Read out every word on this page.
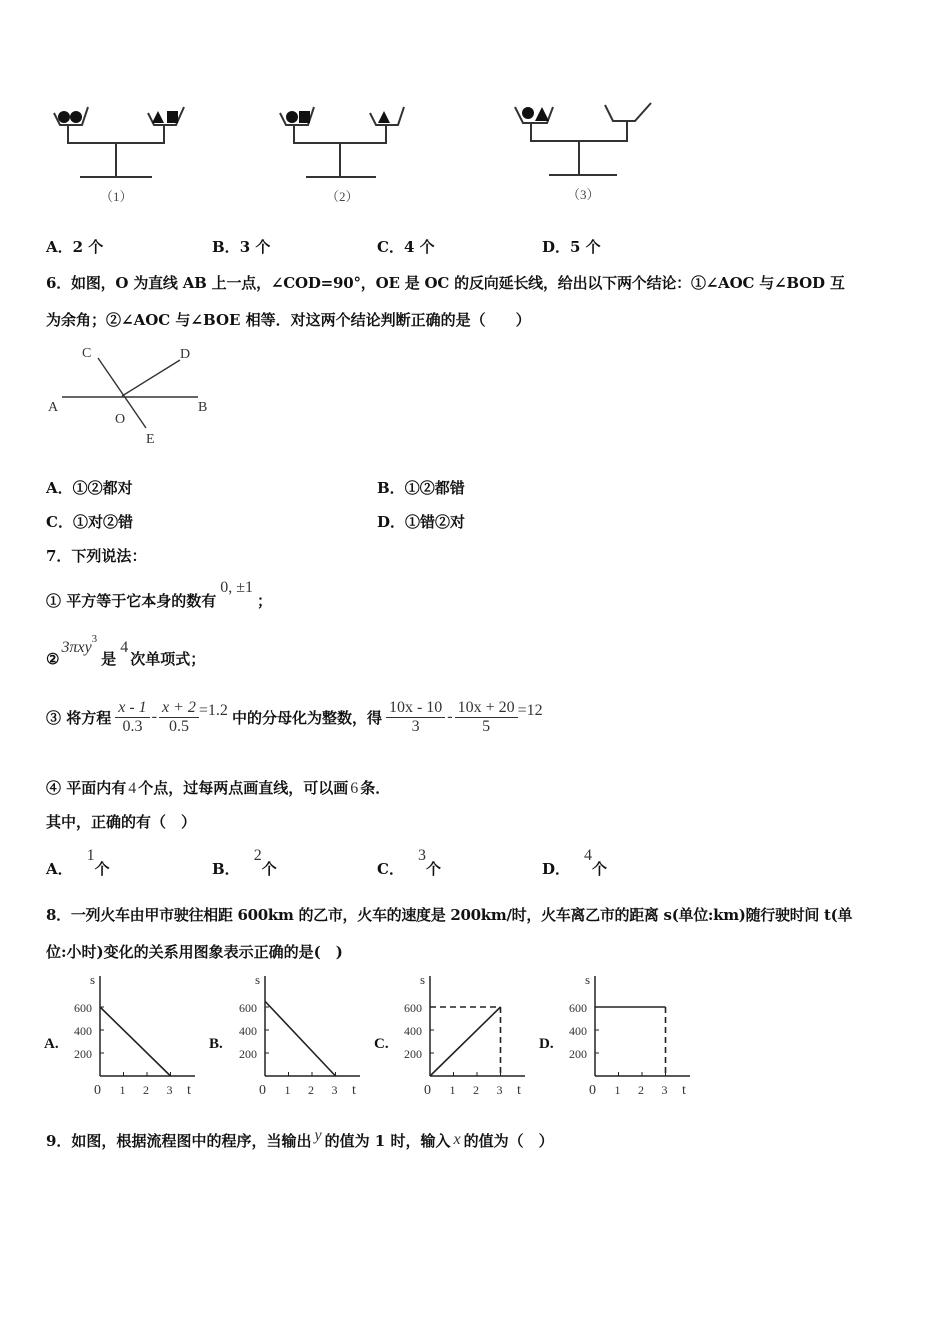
（1）	（2）	（3）
A．2 个	B．3 个	C．4 个	D．5 个
6．如图，O 为直线 AB 上一点，∠COD=90°，OE 是 OC 的反向延长线，给出以下两个结论：①∠AOC 与∠BOD 互
为余角；②∠AOC 与∠BOE 相等．对这两个结论判断正确的是（　　）
A	B
C	D
O
E
A．①②都对	B．①②都错
C．①对②错	D．①错②对
7．下列说法：
① 平方等于它本身的数有0, ±1；
②3πxy$^3$是4次单项式；
③ 将方程 $\frac{x - 1}{0.3} - \frac{x + 2}{0.5} =1.2$ 中的分母化为整数，得 $\frac{10x - 10}{3} - \frac{10x + 20}{5} =12$
④ 平面内有 4 个点，过每两点画直线，可以画 6 条．
其中，正确的有（　）
A．1个	B．2个	C．3个	D．4个
8．一列火车由甲市驶往相距 600km 的乙市，火车的速度是 200km/时，火车离乙市的距离 s(单位:km)随行驶时间 t(单
位:小时)变化的关系用图象表示正确的是(　)
A.
s
t
200
400
600
0 1 2 3
B.
s
t
200
400
600
0 1 2 3
C.
s
t
200
400
600
0 1 2 3
D.
s
t
200
400
600
0 1 2 3
9．如图，根据流程图中的程序，当输出 y 的值为 1 时，输入 x 的值为（　）
